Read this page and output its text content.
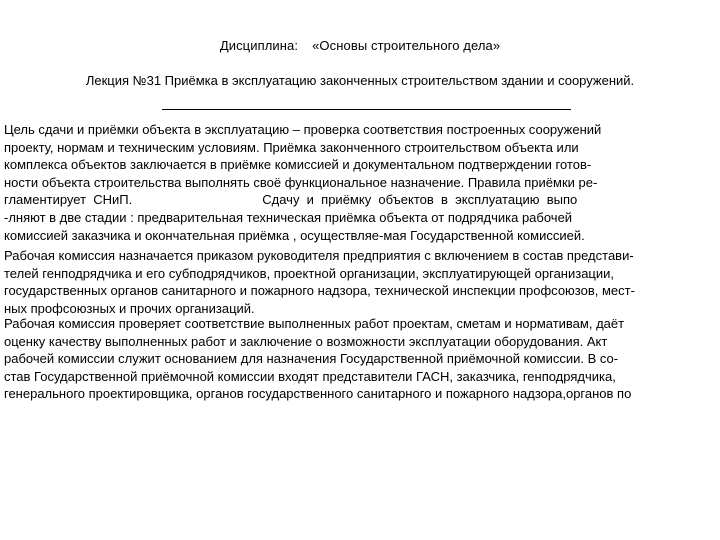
Дисциплина: «Основы строительного дела»
Лекция №31 Приёмка в эксплуатацию законченных строительством здании и сооружений.
Цель сдачи и приёмки объекта в эксплуатацию – проверка соответствия построенных сооружений
проекту, нормам и техническим условиям. Приёмка законченного строительством объекта или
комплекса объектов заключается в приёмке комиссией и документальном подтверждении готов-
ности объекта строительства выполнять своё функциональное назначение. Правила приёмки ре-
гламентирует  СНиП.                                    Сдачу  и  приёмку  объектов  в  эксплуатацию  выпо
-лняют в две стадии : предварительная техническая приёмка объекта от подрядчика рабочей
комиссией заказчика и окончательная приёмка , осуществляе-мая Государственной комиссией.
Рабочая комиссия назначается приказом руководителя предприятия с включением в состав представи-
телей генподрядчика и его субподрядчиков, проектной организации, эксплуатирующей организации,
государственных органов санитарного и пожарного надзора, технической инспекции профсоюзов, мест-
ных профсоюзных и прочих организаций.
Рабочая комиссия проверяет соответствие выполненных работ проектам, сметам и нормативам, даёт
оценку качеству выполненных работ и заключение о возможности эксплуатации оборудования. Акт
рабочей комиссии служит основанием для назначения Государственной приёмочной комиссии. В со-
став Государственной приёмочной комиссии входят представители ГАСН, заказчика, генподрядчика,
генерального проектировщика, органов государственного санитарного и пожарного надзора,органов по
